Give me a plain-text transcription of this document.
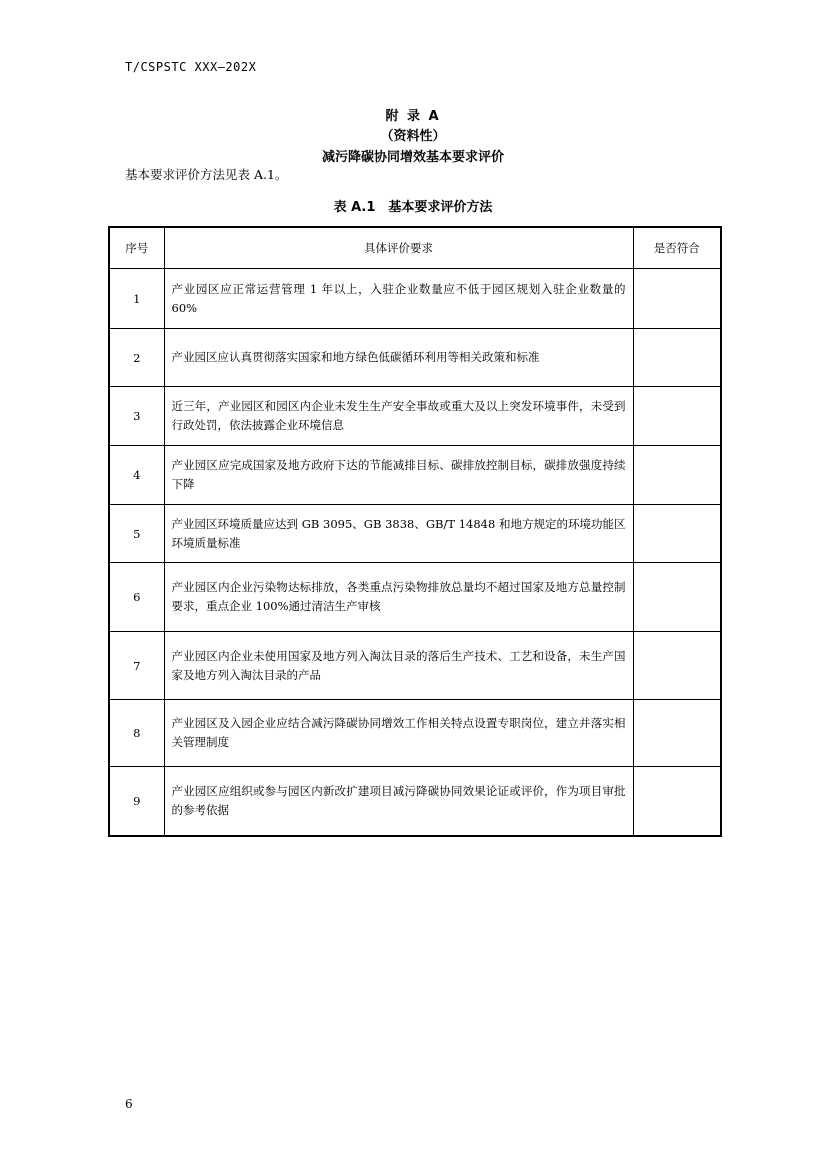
T/CSPSTC XXX—202X
附 录 A
（资料性）
减污降碳协同增效基本要求评价
基本要求评价方法见表 A.1。
表 A.1　基本要求评价方法
序号	具体评价要求	是否符合
1	产业园区应正常运营管理 1 年以上，入驻企业数量应不低于园区规划入驻企业数量的 60%	
2	产业园区应认真贯彻落实国家和地方绿色低碳循环利用等相关政策和标准	
3	近三年，产业园区和园区内企业未发生生产安全事故或重大及以上突发环境事件，未受到行政处罚，依法披露企业环境信息	
4	产业园区应完成国家及地方政府下达的节能减排目标、碳排放控制目标，碳排放强度持续下降	
5	产业园区环境质量应达到 GB 3095、GB 3838、GB/T 14848 和地方规定的环境功能区环境质量标准	
6	产业园区内企业污染物达标排放，各类重点污染物排放总量均不超过国家及地方总量控制要求，重点企业 100%通过清洁生产审核	
7	产业园区内企业未使用国家及地方列入淘汰目录的落后生产技术、工艺和设备，未生产国家及地方列入淘汰目录的产品	
8	产业园区及入园企业应结合减污降碳协同增效工作相关特点设置专职岗位，建立并落实相关管理制度	
9	产业园区应组织或参与园区内新改扩建项目减污降碳协同效果论证或评价，作为项目审批的参考依据	
6
